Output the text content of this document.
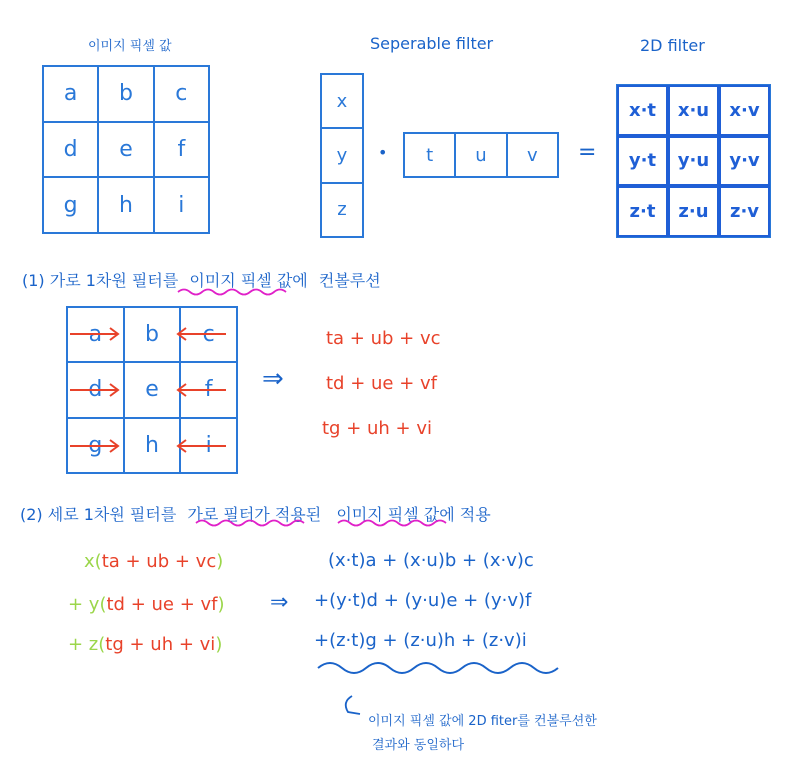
이미지 픽셀 값
a	b	c
d	e	f
g	h	i
Seperable filter
x
y
z
•	t	u	v	=
2D filter
x·t	x·u	x·v
y·t	y·u	y·v
z·t	z·u	z·v
(1) 가로 1차원 필터를 이미지 픽셀 값에 컨볼루션
a	b	c
d	e	f
g	h	i
⇒
ta + ub + vc
td + ue + vf
tg + uh + vi
(2) 세로 1차원 필터를 가로 필터가 적용된 이미지 픽셀 값에 적용
x(ta + ub + vc)
+ y(td + ue + vf)
+ z(tg + uh + vi)
⇒
(x·t)a + (x·u)b + (x·v)c
+(y·t)d + (y·u)e + (y·v)f
+(z·t)g + (z·u)h + (z·v)i
이미지 픽셀 값에 2D fiter를 컨볼루션한
결과와 동일하다
